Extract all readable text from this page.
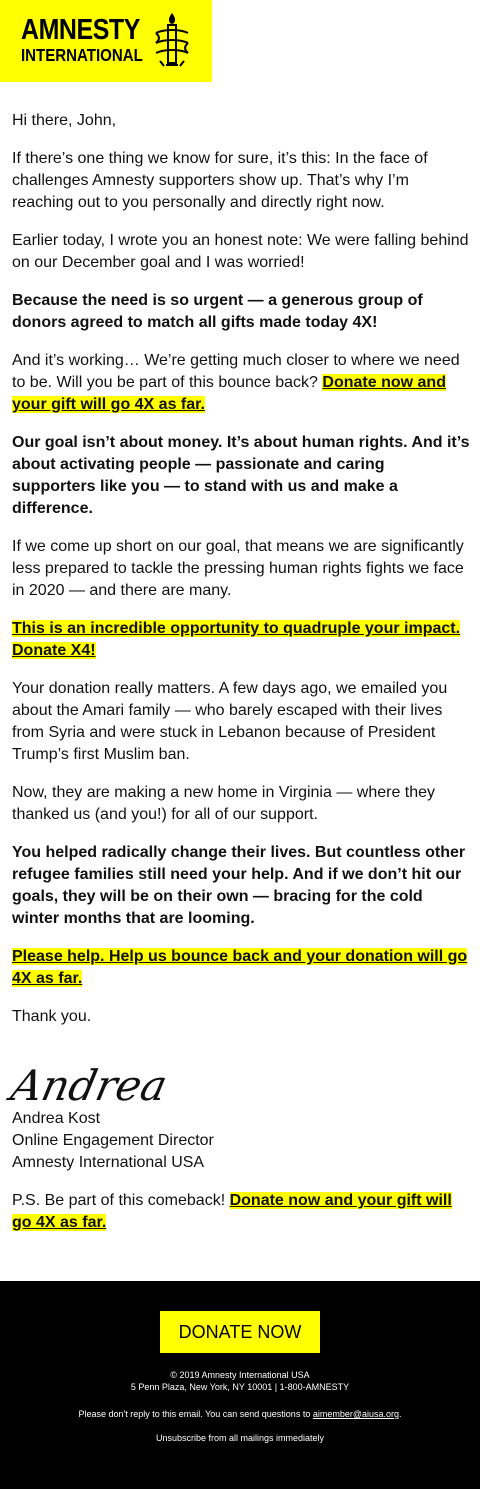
AMNESTY
INTERNATIONAL

Hi there, John,

If there’s one thing we know for sure, it’s this: In the face of challenges Amnesty supporters show up. That’s why I’m reaching out to you personally and directly right now.

Earlier today, I wrote you an honest note: We were falling behind on our December goal and I was worried!

Because the need is so urgent — a generous group of donors agreed to match all gifts made today 4X!

And it’s working… We’re getting much closer to where we need to be. Will you be part of this bounce back? Donate now and your gift will go 4X as far.

Our goal isn’t about money. It’s about human rights. And it’s about activating people — passionate and caring supporters like you — to stand with us and make a difference.

If we come up short on our goal, that means we are significantly less prepared to tackle the pressing human rights fights we face in 2020 — and there are many.

This is an incredible opportunity to quadruple your impact. Donate X4!

Your donation really matters. A few days ago, we emailed you about the Amari family — who barely escaped with their lives from Syria and were stuck in Lebanon because of President Trump’s first Muslim ban.

Now, they are making a new home in Virginia — where they thanked us (and you!) for all of our support.

You helped radically change their lives. But countless other refugee families still need your help. And if we don’t hit our goals, they will be on their own — bracing for the cold winter months that are looming.

Please help. Help us bounce back and your donation will go 4X as far.

Thank you.

Andrea
Andrea Kost
Online Engagement Director
Amnesty International USA

P.S. Be part of this comeback! Donate now and your gift will go 4X as far.

DONATE NOW
© 2019 Amnesty International USA
5 Penn Plaza, New York, NY 10001 | 1-800-AMNESTY
Please don't reply to this email. You can send questions to aimember@aiusa.org.
Unsubscribe from all mailings immediately
